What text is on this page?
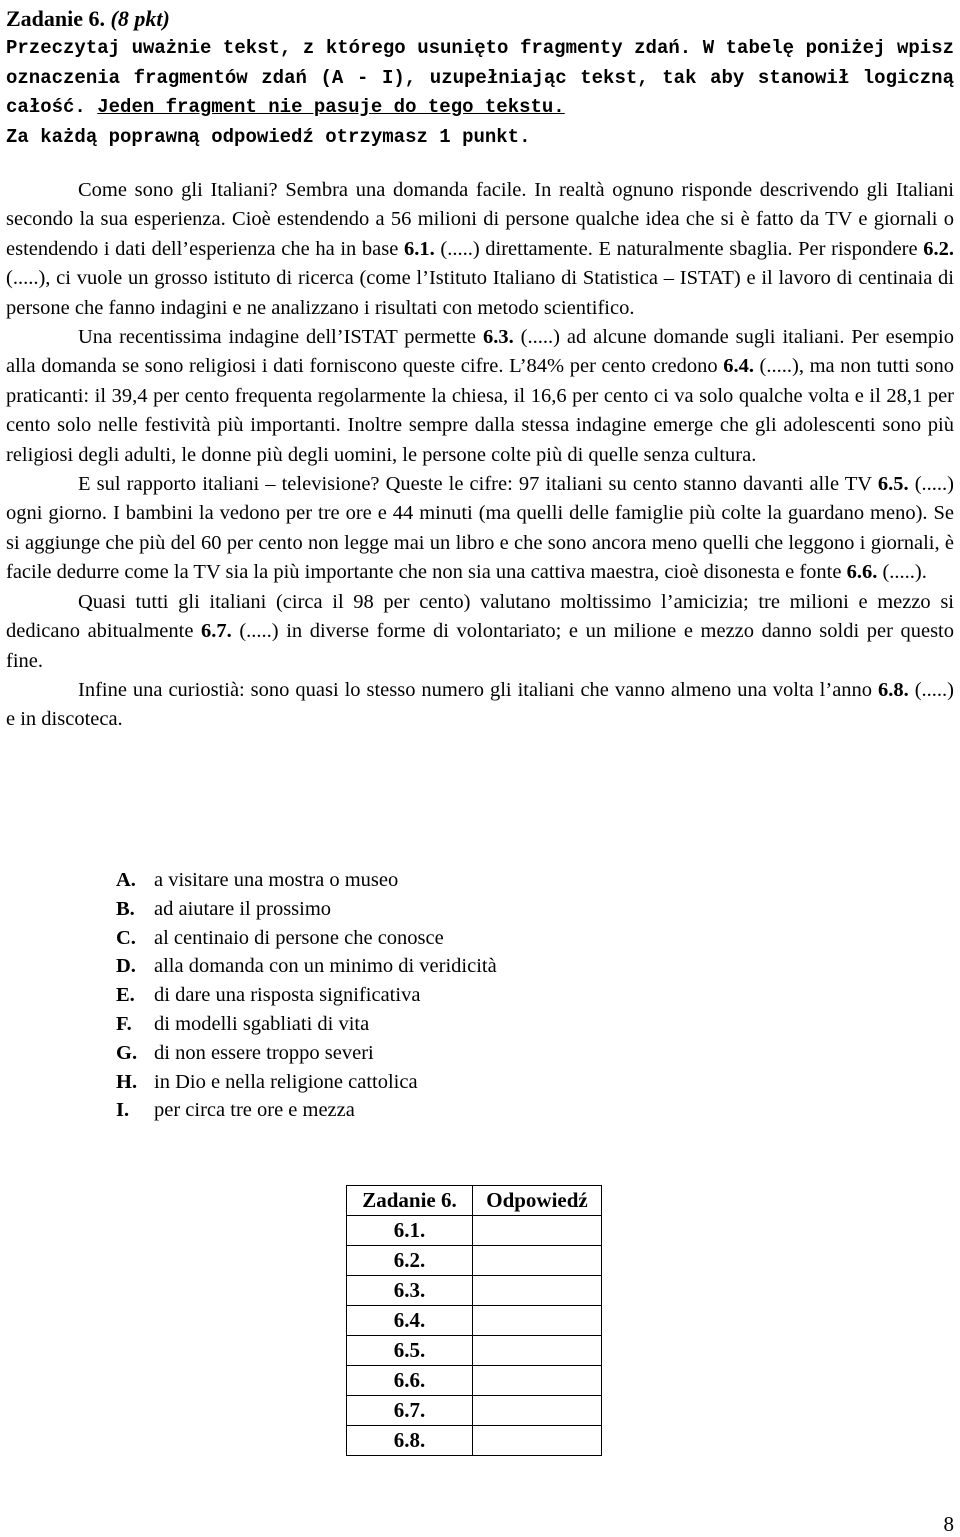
Zadanie 6. (8 pkt)
Przeczytaj uważnie tekst, z którego usunięto fragmenty zdań. W tabelę poniżej wpisz oznaczenia fragmentów zdań (A - I), uzupełniając tekst, tak aby stanowił logiczną całość. Jeden fragment nie pasuje do tego tekstu.
Za każdą poprawną odpowiedź otrzymasz 1 punkt.

Come sono gli Italiani? Sembra una domanda facile. In realtà ognuno risponde descrivendo gli Italiani secondo la sua esperienza. Cioè estendendo a 56 milioni di persone qualche idea che si è fatto da TV e giornali o estendendo i dati dell’esperienza che ha in base 6.1. (.....) direttamente. E naturalmente sbaglia. Per rispondere 6.2. (.....), ci vuole un grosso istituto di ricerca (come l’Istituto Italiano di Statistica – ISTAT) e il lavoro di centinaia di persone che fanno indagini e ne analizzano i risultati con metodo scientifico.

Una recentissima indagine dell’ISTAT permette 6.3. (.....) ad alcune domande sugli italiani. Per esempio alla domanda se sono religiosi i dati forniscono queste cifre. L’84% per cento credono 6.4. (.....), ma non tutti sono praticanti: il 39,4 per cento frequenta regolarmente la chiesa, il 16,6 per cento ci va solo qualche volta e il 28,1 per cento solo nelle festività più importanti. Inoltre sempre dalla stessa indagine emerge che gli adolescenti sono più religiosi degli adulti, le donne più degli uomini, le persone colte più di quelle senza cultura.

E sul rapporto italiani – televisione? Queste le cifre: 97 italiani su cento stanno davanti alle TV 6.5. (.....) ogni giorno. I bambini la vedono per tre ore e 44 minuti (ma quelli delle famiglie più colte la guardano meno). Se si aggiunge che più del 60 per cento non legge mai un libro e che sono ancora meno quelli che leggono i giornali, è facile dedurre come la TV sia la più importante che non sia una cattiva maestra, cioè disonesta e fonte 6.6. (.....).

Quasi tutti gli italiani (circa il 98 per cento) valutano moltissimo l’amicizia; tre milioni e mezzo si dedicano abitualmente 6.7. (.....) in diverse forme di volontariato; e un milione e mezzo danno soldi per questo fine.

Infine una curiostià: sono quasi lo stesso numero gli italiani che vanno almeno una volta l’anno 6.8. (.....) e in discoteca.

A. a visitare una mostra o museo
B. ad aiutare il prossimo
C. al centinaio di persone che conosce
D. alla domanda con un minimo di veridicità
E. di dare una risposta significativa
F. di modelli sgabliati di vita
G. di non essere troppo severi
H. in Dio e nella religione cattolica
I. per circa tre ore e mezza
Zadanie 6.	Odpowiedź
6.1.	
6.2.	
6.3.	
6.4.	
6.5.	
6.6.	
6.7.	
6.8.	
8
